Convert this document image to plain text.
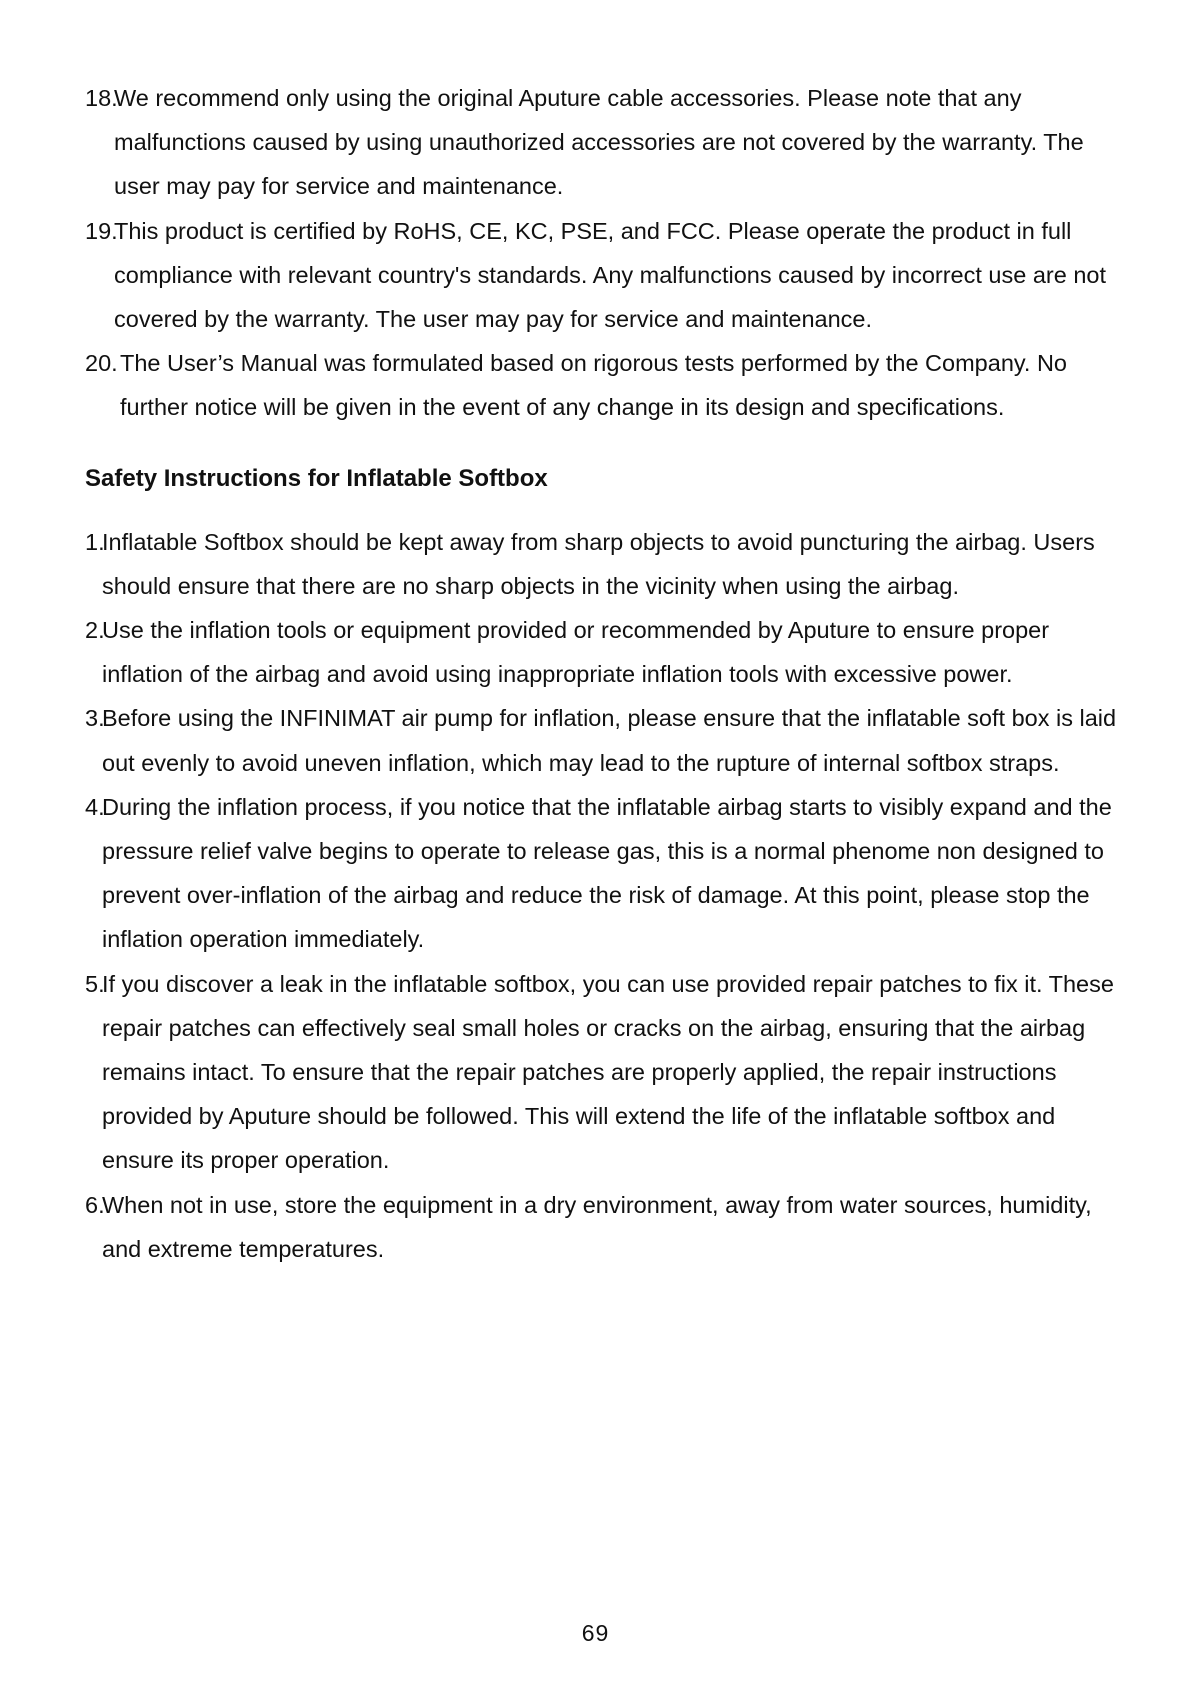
18.
We recommend only using the original Aputure cable accessories. Please note that any malfunctions caused by using unauthorized accessories are not covered by the warranty. The user may pay for service and maintenance.

19.
This product is certified by RoHS, CE, KC, PSE, and FCC. Please operate the product in full compliance with relevant country's standards. Any malfunctions caused by incorrect use are not covered by the warranty. The user may pay for service and maintenance.

20. The User’s Manual was formulated based on rigorous tests performed by the Company. No further notice will be given in the event of any change in its design and specifications.

Safety Instructions for Inflatable Softbox

1.
Inflatable Softbox should be kept away from sharp objects to avoid puncturing the airbag. Users should ensure that there are no sharp objects in the vicinity when using the airbag.

2.
Use the inflation tools or equipment provided or recommended by Aputure to ensure proper inflation of the airbag and avoid using inappropriate inflation tools with excessive power.

3.
Before using the INFINIMAT air pump for inflation, please ensure that the inflatable soft box is laid out evenly to avoid uneven inflation, which may lead to the rupture of internal softbox straps.

4.
During the inflation process, if you notice that the inflatable airbag starts to visibly expand and the pressure relief valve begins to operate to release gas, this is a normal phenome non designed to prevent over-inflation of the airbag and reduce the risk of damage. At this point, please stop the inflation operation immediately.

5.
If you discover a leak in the inflatable softbox, you can use provided repair patches to fix it. These repair patches can effectively seal small holes or cracks on the airbag, ensuring that the airbag remains intact. To ensure that the repair patches are properly applied, the repair instructions provided by Aputure should be followed. This will extend the life of the inflatable softbox and ensure its proper operation.

6.
When not in use, store the equipment in a dry environment, away from water sources, humidity, and extreme temperatures.

69
